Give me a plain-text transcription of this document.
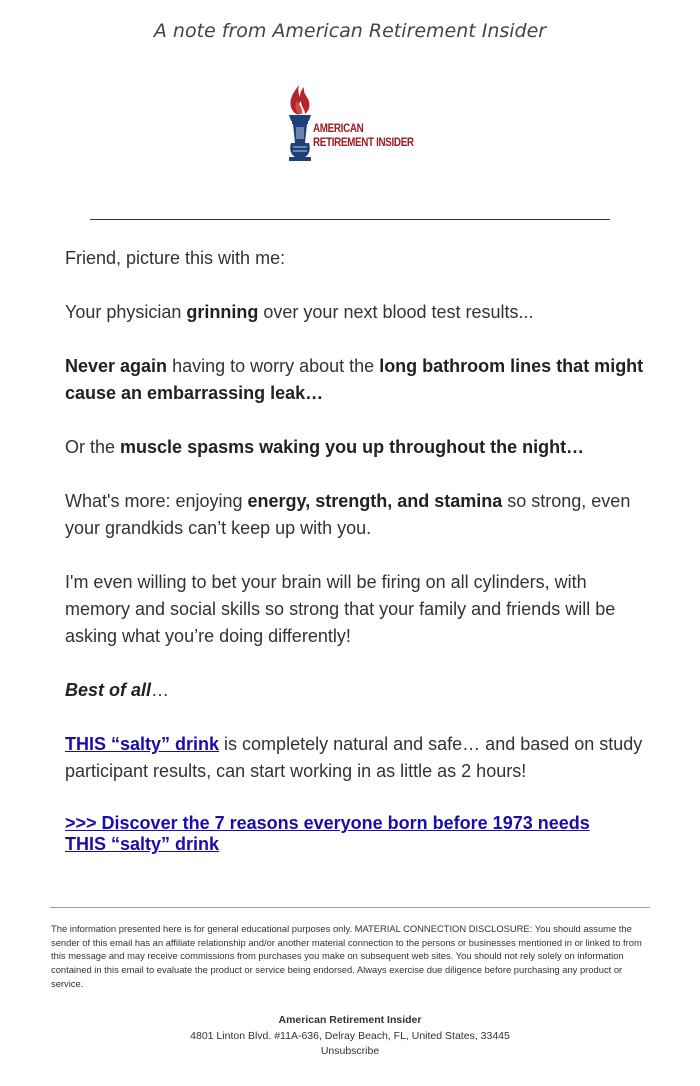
A note from American Retirement Insider
AMERICAN
RETIREMENT INSIDER

Friend, picture this with me:

Your physician grinning over your next blood test results...

Never again having to worry about the long bathroom lines that might cause an embarrassing leak…

Or the muscle spasms waking you up throughout the night…

What's more: enjoying energy, strength, and stamina so strong, even your grandkids can’t keep up with you.

I'm even willing to bet your brain will be firing on all cylinders, with memory and social skills so strong that your family and friends will be asking what you’re doing differently!

Best of all…

THIS “salty” drink is completely natural and safe… and based on study participant results, can start working in as little as 2 hours!

>>> Discover the 7 reasons everyone born before 1973 needs THIS “salty” drink
The information presented here is for general educational purposes only. MATERIAL CONNECTION DISCLOSURE: You should assume the sender of this email has an affiliate relationship and/or another material connection to the persons or businesses mentioned in or linked to from this message and may receive commissions from purchases you make on subsequent web sites. You should not rely solely on information contained in this email to evaluate the product or service being endorsed. Always exercise due diligence before purchasing any product or service.
American Retirement Insider
4801 Linton Blvd. #11A-636, Delray Beach, FL, United States, 33445
Unsubscribe
